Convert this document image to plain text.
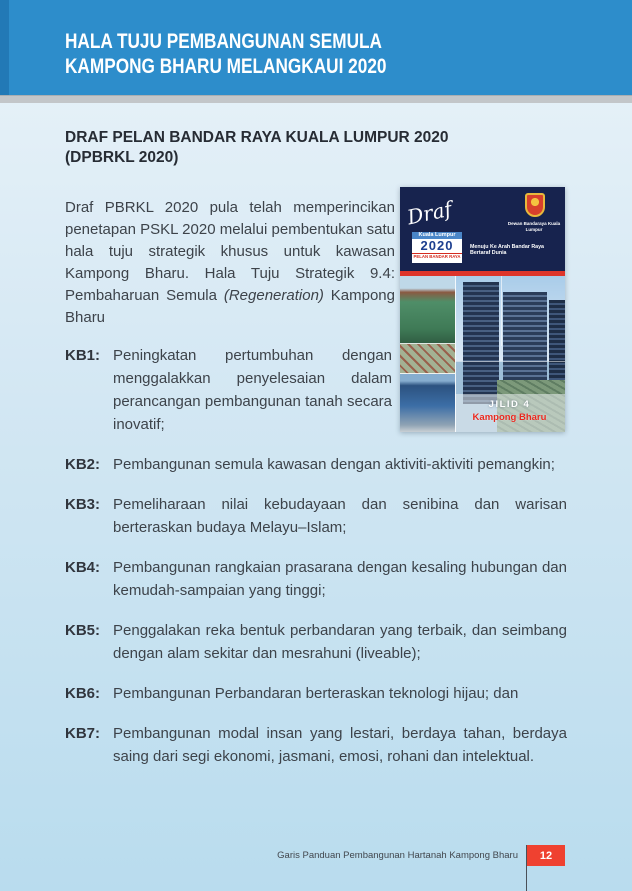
HALA TUJU PEMBANGUNAN SEMULA
KAMPONG BHARU MELANGKAUI 2020
DRAF PELAN BANDAR RAYA KUALA LUMPUR 2020
(DPBRKL 2020)

Draf PBRKL 2020 pula telah memperincikan penetapan PSKL 2020 melalui pembentukan satu hala tuju strategik khusus untuk kawasan Kampong Bharu. Hala Tuju Strategik 9.4: Pembaharuan Semula (Regeneration) Kampong Bharu

KB1: Peningkatan pertumbuhan dengan menggalakkan penyelesaian dalam perancangan pembangunan tanah secara inovatif;
KB2: Pembangunan semula kawasan dengan aktiviti-aktiviti pemangkin;
KB3: Pemeliharaan nilai kebudayaan dan senibina dan warisan berteraskan budaya Melayu–Islam;
KB4: Pembangunan rangkaian prasarana dengan kesaling hubungan dan kemudah-sampaian yang tinggi;
KB5: Penggalakan reka bentuk perbandaran yang terbaik, dan seimbang dengan alam sekitar dan mesrahuni (liveable);
KB6: Pembangunan Perbandaran berteraskan teknologi hijau; dan
KB7: Pembangunan modal insan yang lestari, berdaya tahan, berdaya saing dari segi ekonomi, jasmani, emosi, rohani dan intelektual.
Draf	Dewan Bandaraya Kuala Lumpur
Kuala Lumpur
2020
PELAN BANDAR RAYA
Menuju Ke Arah Bandar Raya Bertaraf Dunia
JILID 4
Kampong Bharu
Garis Panduan Pembangunan Hartanah Kampong Bharu	12
